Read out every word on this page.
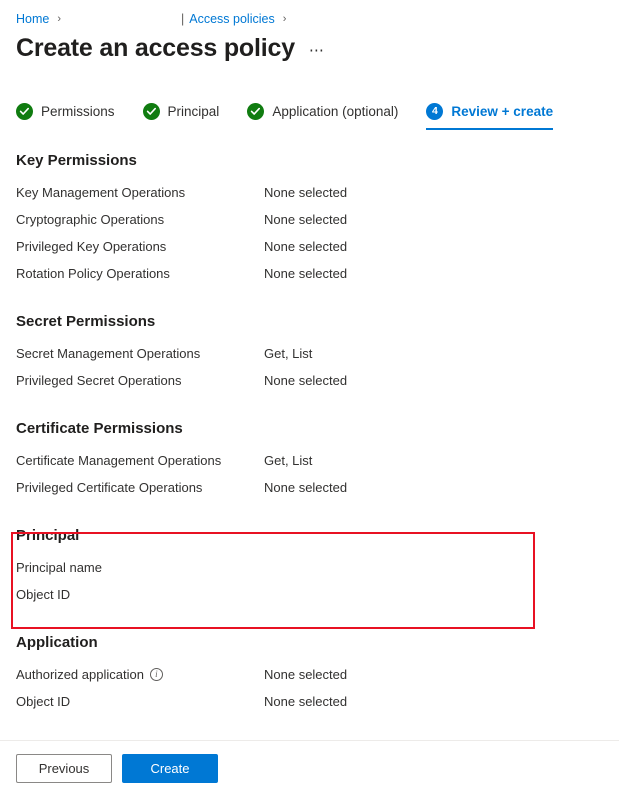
Home ›	| Access policies ›
Create an access policy ⋯
Permissions	Principal	Application (optional)	4	Review + create
Key Permissions
Key Management Operations	None selected
Cryptographic Operations	None selected
Privileged Key Operations	None selected
Rotation Policy Operations	None selected
Secret Permissions
Secret Management Operations	Get, List
Privileged Secret Operations	None selected
Certificate Permissions
Certificate Management Operations	Get, List
Privileged Certificate Operations	None selected
Principal
Principal name
Object ID
Application
Authorized application	i	None selected
Object ID	None selected
Previous	Create
